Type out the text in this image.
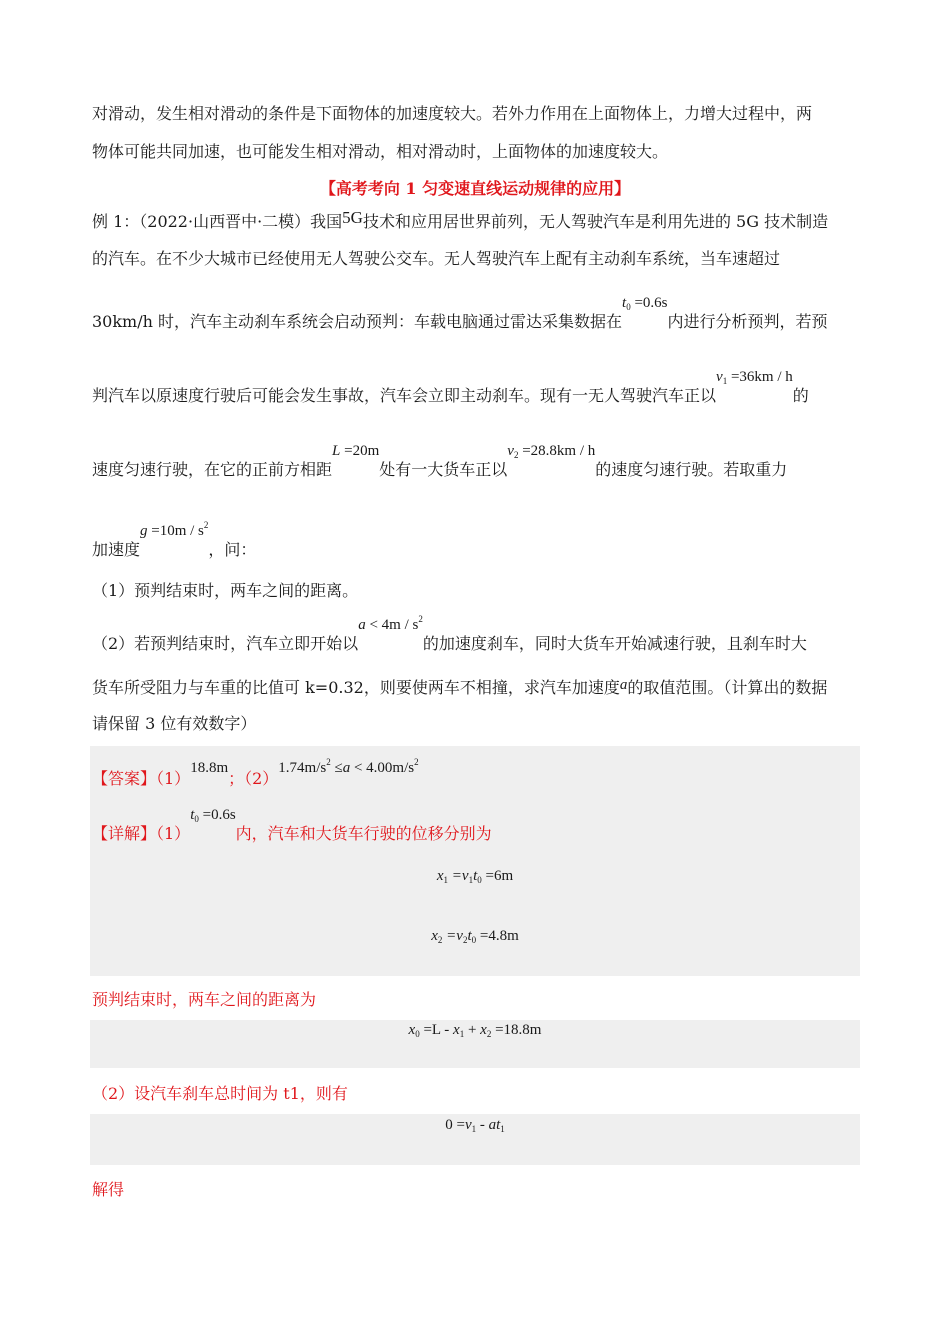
对滑动，发生相对滑动的条件是下面物体的加速度较大。若外力作用在上面物体上，力增大过程中，两
物体可能共同加速，也可能发生相对滑动，相对滑动时，上面物体的加速度较大。
【高考考向 1 匀变速直线运动规律的应用】
例 1：（2022·山西晋中·二模）我国5G技术和应用居世界前列，无人驾驶汽车是利用先进的 5G 技术制造
的汽车。在不少大城市已经使用无人驾驶公交车。无人驾驶汽车上配有主动刹车系统，当车速超过
30km/h 时，汽车主动刹车系统会启动预判：车载电脑通过雷达采集数据在$t_0 =0.6s$内进行分析预判，若预
判汽车以原速度行驶后可能会发生事故，汽车会立即主动刹车。现有一无人驾驶汽车正以$v_1 =36km / h$的
速度匀速行驶，在它的正前方相距L =20m处有一大货车正以$v_2 =28.8km / h$的速度匀速行驶。若取重力
加速度$g =10m / s^2$，问：
（1）预判结束时，两车之间的距离。
（2）若预判结束时，汽车立即开始以$a < 4m / s^2$的加速度刹车，同时大货车开始减速行驶，且刹车时大
货车所受阻力与车重的比值可 k=0.32，则要使两车不相撞，求汽车加速度a的取值范围。（计算出的数据
请保留 3 位有效数字）
【答案】（1）18.8m；$(2)1.74m/s^2 \le a < 4.00m/s^2$
【详解】$(1)t_0 =0.6s$内，汽车和大货车行驶的位移分别为
$x_1 =v_1t_0 =6m$
$x_2 =v_2t_0 =4.8m$
预判结束时，两车之间的距离为
$x_0 =L - x_1 + x_2 =18.8m$
（2）设汽车刹车总时间为 t1，则有
$0 =v_1 - at_1$
解得
